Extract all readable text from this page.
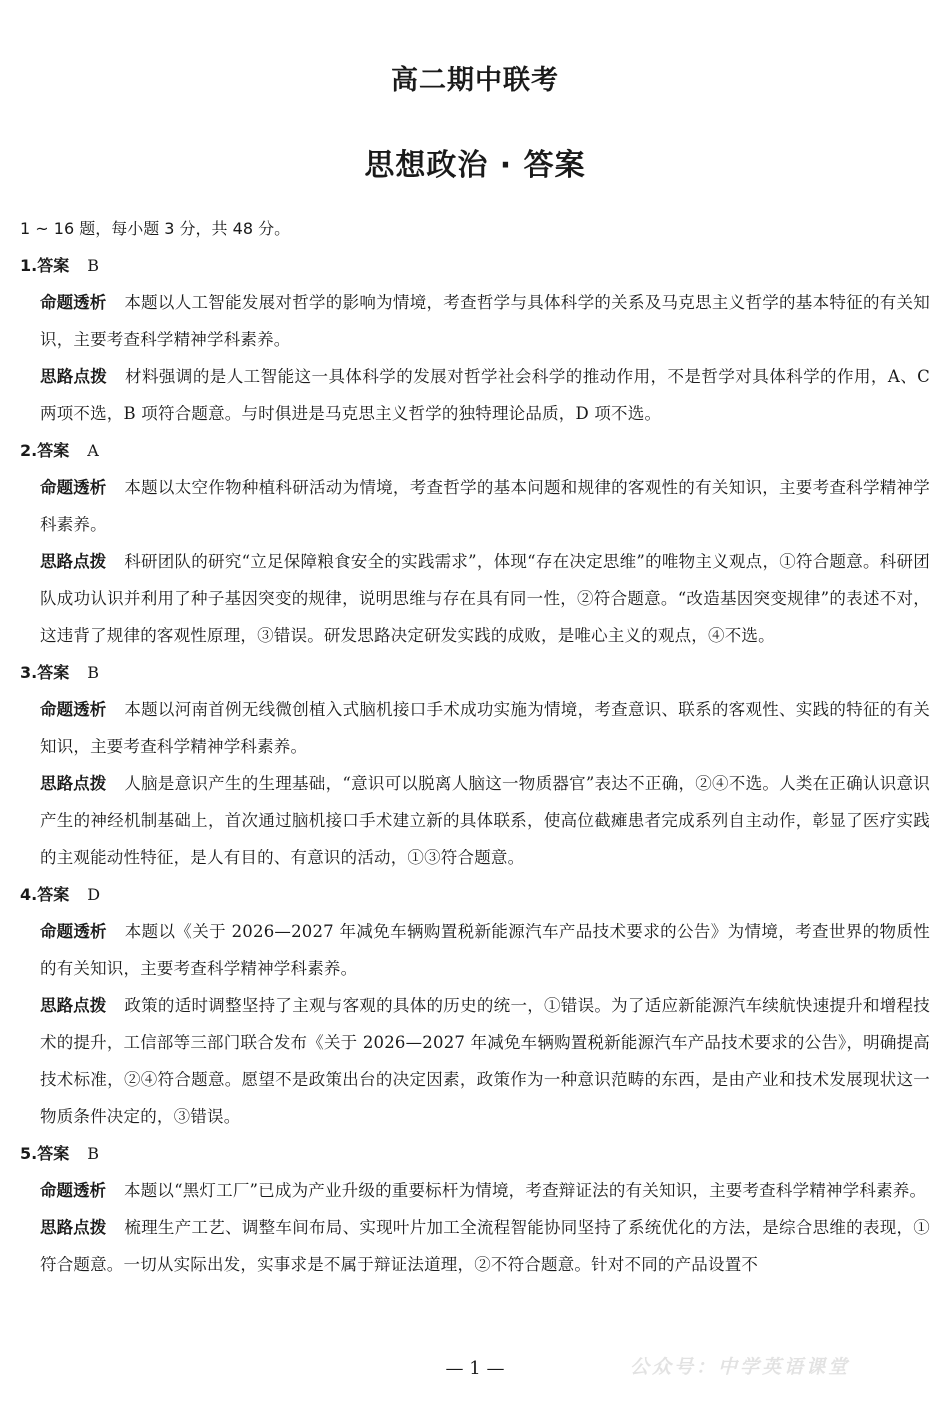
高二期中联考
思想政治 · 答案

1 ~ 16 题，每小题 3 分，共 48 分。

1.答案 B

命题透析 本题以人工智能发展对哲学的影响为情境，考查哲学与具体科学的关系及马克思主义哲学的基本特征的有关知识，主要考查科学精神学科素养。

思路点拨 材料强调的是人工智能这一具体科学的发展对哲学社会科学的推动作用，不是哲学对具体科学的作用，A、C 两项不选，B 项符合题意。与时俱进是马克思主义哲学的独特理论品质，D 项不选。

2.答案 A

命题透析 本题以太空作物种植科研活动为情境，考查哲学的基本问题和规律的客观性的有关知识，主要考查科学精神学科素养。

思路点拨 科研团队的研究“立足保障粮食安全的实践需求”，体现“存在决定思维”的唯物主义观点，①符合题意。科研团队成功认识并利用了种子基因突变的规律，说明思维与存在具有同一性，②符合题意。“改造基因突变规律”的表述不对，这违背了规律的客观性原理，③错误。研发思路决定研发实践的成败，是唯心主义的观点，④不选。

3.答案 B

命题透析 本题以河南首例无线微创植入式脑机接口手术成功实施为情境，考查意识、联系的客观性、实践的特征的有关知识，主要考查科学精神学科素养。

思路点拨 人脑是意识产生的生理基础，“意识可以脱离人脑这一物质器官”表达不正确，②④不选。人类在正确认识意识产生的神经机制基础上，首次通过脑机接口手术建立新的具体联系，使高位截瘫患者完成系列自主动作，彰显了医疗实践的主观能动性特征，是人有目的、有意识的活动，①③符合题意。

4.答案 D

命题透析 本题以《关于 2026—2027 年减免车辆购置税新能源汽车产品技术要求的公告》为情境，考查世界的物质性的有关知识，主要考查科学精神学科素养。

思路点拨 政策的适时调整坚持了主观与客观的具体的历史的统一，①错误。为了适应新能源汽车续航快速提升和增程技术的提升，工信部等三部门联合发布《关于 2026—2027 年减免车辆购置税新能源汽车产品技术要求的公告》，明确提高技术标准，②④符合题意。愿望不是政策出台的决定因素，政策作为一种意识范畴的东西，是由产业和技术发展现状这一物质条件决定的，③错误。

5.答案 B

命题透析 本题以“黑灯工厂”已成为产业升级的重要标杆为情境，考查辩证法的有关知识，主要考查科学精神学科素养。

思路点拨 梳理生产工艺、调整车间布局、实现叶片加工全流程智能协同坚持了系统优化的方法，是综合思维的表现，①符合题意。一切从实际出发，实事求是不属于辩证法道理，②不符合题意。针对不同的产品设置不

公众号：中学英语课堂
— 1 —
